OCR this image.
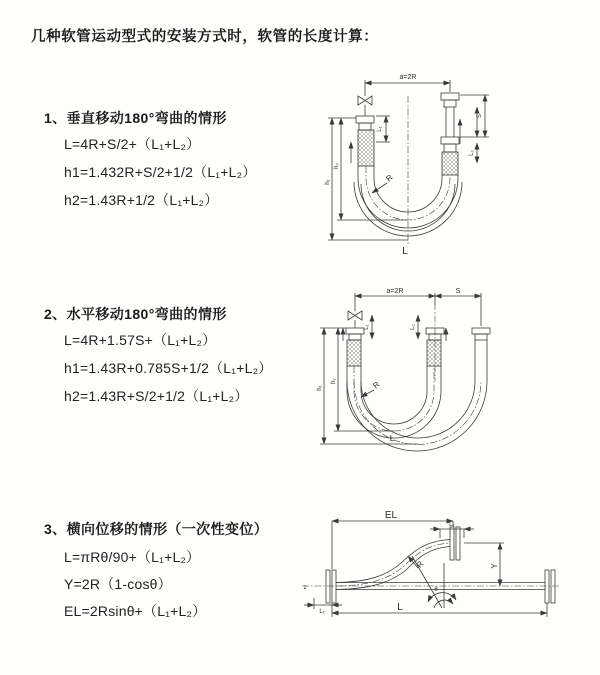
几种软管运动型式的安装方式时，软管的长度计算：
1、垂直移动180°弯曲的情形
L=4R+S/2+（L₁+L₂）
h1=1.432R+S/2+1/2（L₁+L₂）
h2=1.43R+1/2（L₁+L₂）
2、水平移动180°弯曲的情形
L=4R+1.57S+（L₁+L₂）
h1=1.43R+0.785S+1/2（L₁+L₂）
h2=1.43R+S/2+1/2（L₁+L₂）
3、横向位移的情形（一次性变位）
L=πRθ/90+（L₁+L₂）
Y=2R（1-cosθ）
EL=2Rsinθ+（L₁+L₂）
a=2R
h₁
h₂
L₁
S
L₂
R
L
a=2R	S
L₁	L₂
h₁
h₂	R
L
z
EL
L₂
Y
R
θ
L
L₁
